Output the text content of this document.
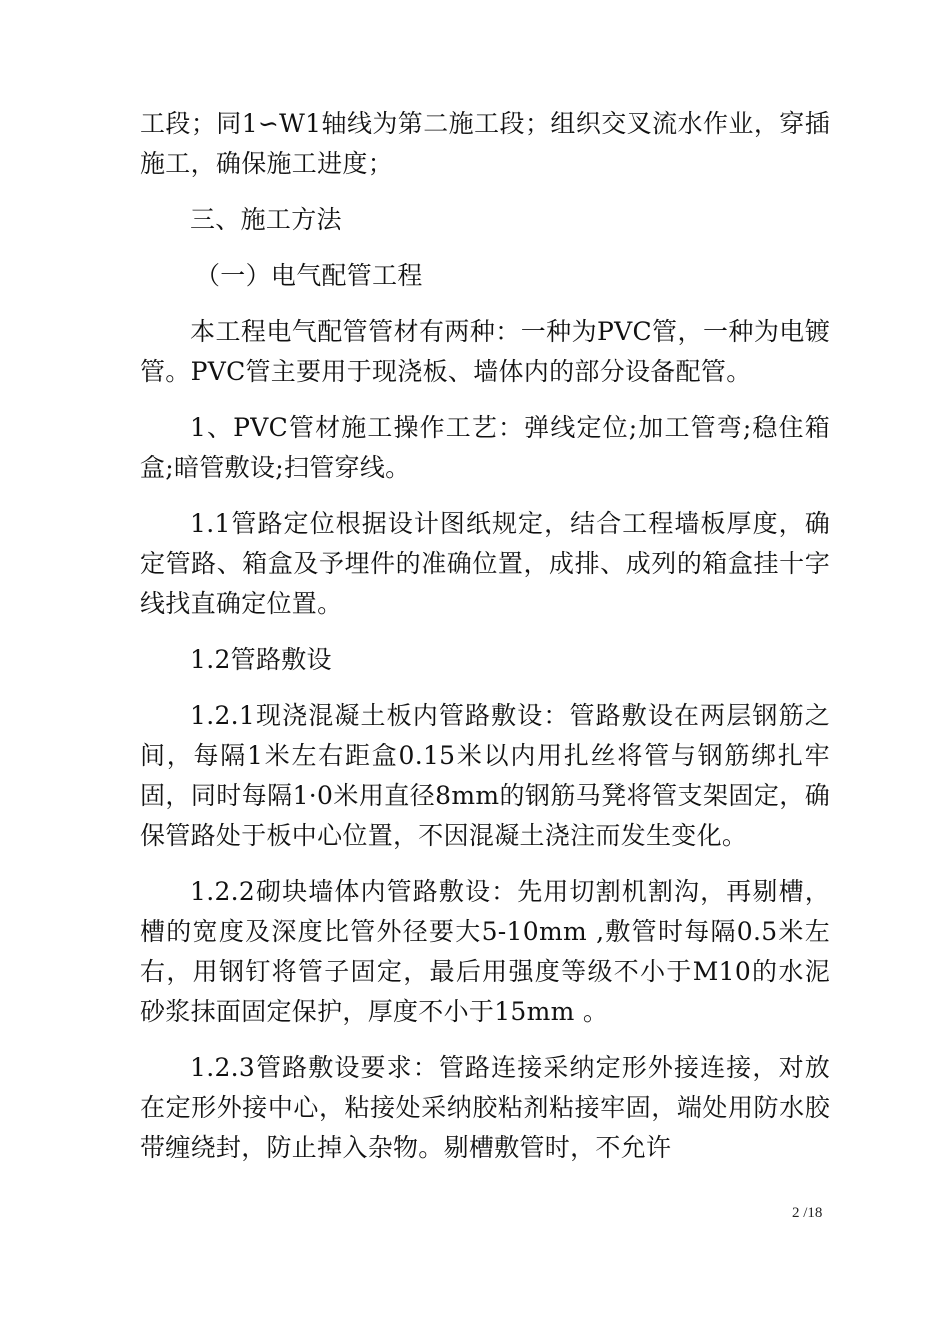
工段；同1∽W1轴线为第二施工段；组织交叉流水作业，穿插施工，确保施工进度；

三、施工方法

（一）电气配管工程

本工程电气配管管材有两种：一种为PVC管，一种为电镀管。PVC管主要用于现浇板、墙体内的部分设备配管。

1、PVC管材施工操作工艺：弹线定位;加工管弯;稳住箱盒;暗管敷设;扫管穿线。

1.1管路定位根据设计图纸规定，结合工程墙板厚度，确定管路、箱盒及予埋件的准确位置，成排、成列的箱盒挂十字线找直确定位置。

1.2管路敷设

1.2.1现浇混凝土板内管路敷设：管路敷设在两层钢筋之间，每隔1米左右距盒0.15米以内用扎丝将管与钢筋绑扎牢固，同时每隔1·0米用直径8mm的钢筋马凳将管支架固定，确保管路处于板中心位置，不因混凝土浇注而发生变化。

1.2.2砌块墙体内管路敷设：先用切割机割沟，再剔槽，槽的宽度及深度比管外径要大5-10mm ,敷管时每隔0.5米左右，用钢钉将管子固定，最后用强度等级不小于M10的水泥砂浆抹面固定保护，厚度不小于15mm 。

1.2.3管路敷设要求：管路连接采纳定形外接连接，对放在定形外接中心，粘接处采纳胶粘剂粘接牢固，端处用防水胶带缠绕封，防止掉入杂物。剔槽敷管时，不允许

2 /18
